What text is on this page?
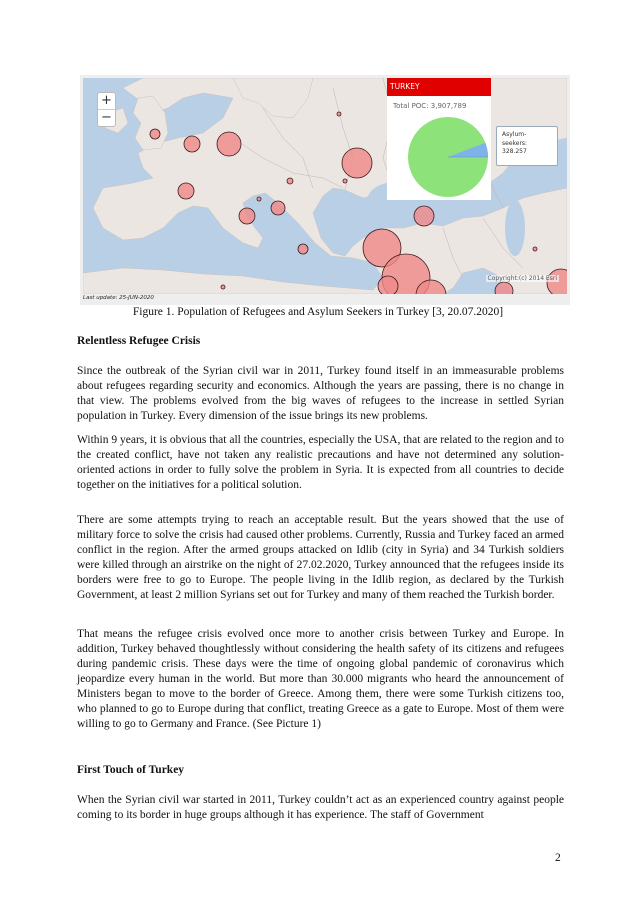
+
−
TURKEY
Total POC: 3,907,789
Asylum-
seekers:
328.257
Copyright:(c) 2014 Esri
Last update: 25-JUN-2020
Figure 1. Population of Refugees and Asylum Seekers in Turkey [3, 20.07.2020]
Relentless Refugee Crisis

Since the outbreak of the Syrian civil war in 2011, Turkey found itself in an immeasurable problems about refugees regarding security and economics. Although the years are passing, there is no change in that view. The problems evolved from the big waves of refugees to the increase in settled Syrian population in Turkey. Every dimension of the issue brings its new problems.

Within 9 years, it is obvious that all the countries, especially the USA, that are related to the region and to the created conflict, have not taken any realistic precautions and have not determined any solution-oriented actions in order to fully solve the problem in Syria. It is expected from all countries to decide together on the initiatives for a political solution.

There are some attempts trying to reach an acceptable result. But the years showed that the use of military force to solve the crisis had caused other problems. Currently, Russia and Turkey faced an armed conflict in the region. After the armed groups attacked on Idlib (city in Syria) and 34 Turkish soldiers were killed through an airstrike on the night of 27.02.2020, Turkey announced that the refugees inside its borders were free to go to Europe. The people living in the Idlib region, as declared by the Turkish Government, at least 2 million Syrians set out for Turkey and many of them reached the Turkish border.

That means the refugee crisis evolved once more to another crisis between Turkey and Europe. In addition, Turkey behaved thoughtlessly without considering the health safety of its citizens and refugees during pandemic crisis. These days were the time of ongoing global pandemic of coronavirus which jeopardize every human in the world. But more than 30.000 migrants who heard the announcement of Ministers began to move to the border of Greece. Among them, there were some Turkish citizens too, who planned to go to Europe during that conflict, treating Greece as a gate to Europe. Most of them were willing to go to Germany and France. (See Picture 1)

First Touch of Turkey

When the Syrian civil war started in 2011, Turkey couldn’t act as an experienced country against people coming to its border in huge groups although it has experience. The staff of Government

2
